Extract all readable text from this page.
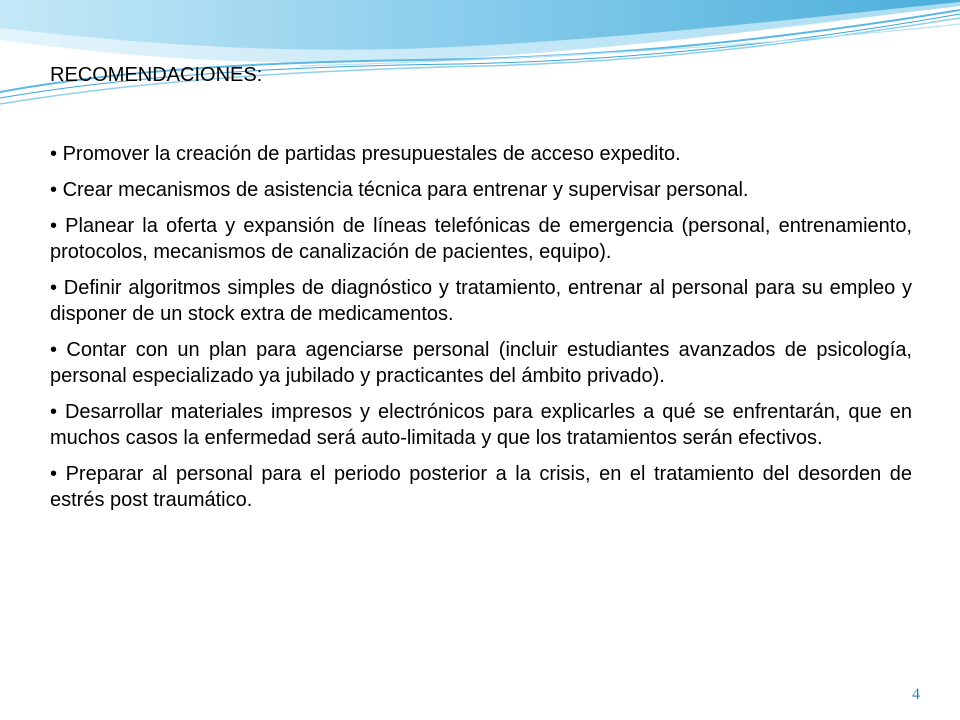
RECOMENDACIONES:
• Promover la creación de partidas presupuestales de acceso expedito.
• Crear mecanismos de asistencia técnica para entrenar y supervisar personal.
• Planear la oferta y expansión de líneas telefónicas de emergencia (personal, entrenamiento, protocolos, mecanismos de canalización de pacientes, equipo).
• Definir algoritmos simples de diagnóstico y tratamiento, entrenar al personal para su empleo y disponer de un stock extra de medicamentos.
• Contar con un plan para agenciarse personal (incluir estudiantes avanzados de psicología, personal especializado ya jubilado y practicantes del ámbito privado).
• Desarrollar materiales impresos y electrónicos para explicarles a qué se enfrentarán, que en muchos casos la enfermedad será auto-limitada y que los tratamientos serán efectivos.
• Preparar al personal para el periodo posterior a la crisis, en el tratamiento del desorden de estrés post traumático.
4
